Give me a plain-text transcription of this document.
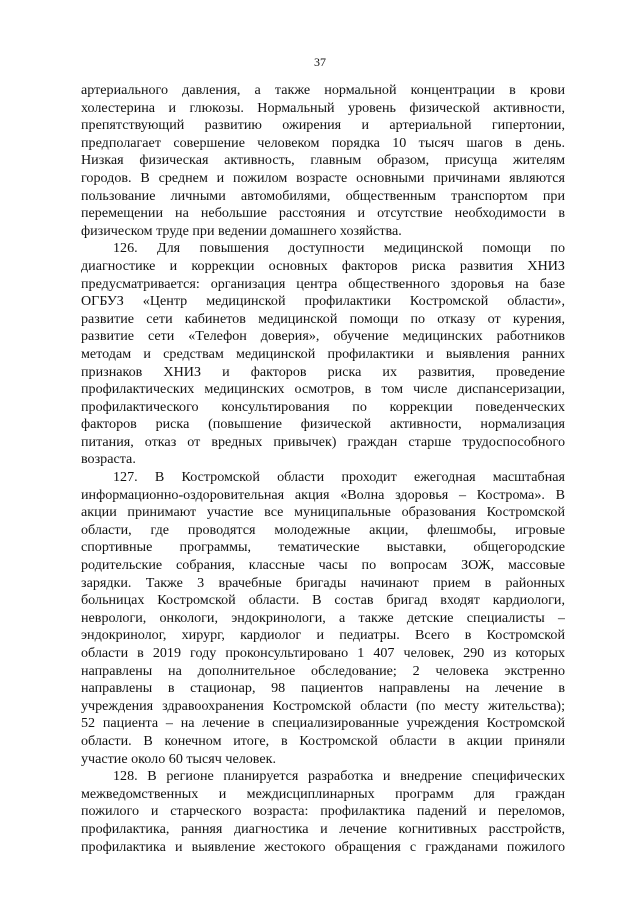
37
артериального давления, а также нормальной концентрации в крови
холестерина и глюкозы. Нормальный уровень физической активности,
препятствующий развитию ожирения и артериальной гипертонии,
предполагает совершение человеком порядка 10 тысяч шагов в день.
Низкая физическая активность, главным образом, присуща жителям
городов. В среднем и пожилом возрасте основными причинами являются
пользование личными автомобилями, общественным транспортом при
перемещении на небольшие расстояния и отсутствие необходимости в
физическом труде при ведении домашнего хозяйства.
126. Для повышения доступности медицинской помощи по
диагностике и коррекции основных факторов риска развития ХНИЗ
предусматривается: организация центра общественного здоровья на базе
ОГБУЗ «Центр медицинской профилактики Костромской области»,
развитие сети кабинетов медицинской помощи по отказу от курения,
развитие сети «Телефон доверия», обучение медицинских работников
методам и средствам медицинской профилактики и выявления ранних
признаков ХНИЗ и факторов риска их развития, проведение
профилактических медицинских осмотров, в том числе диспансеризации,
профилактического консультирования по коррекции поведенческих
факторов риска (повышение физической активности, нормализация
питания, отказ от вредных привычек) граждан старше трудоспособного
возраста.
127. В Костромской области проходит ежегодная масштабная
информационно-оздоровительная акция «Волна здоровья – Кострома». В
акции принимают участие все муниципальные образования Костромской
области, где проводятся молодежные акции, флешмобы, игровые
спортивные программы, тематические выставки, общегородские
родительские собрания, классные часы по вопросам ЗОЖ, массовые
зарядки. Также 3 врачебные бригады начинают прием в районных
больницах Костромской области. В состав бригад входят кардиологи,
неврологи, онкологи, эндокринологи, а также детские специалисты –
эндокринолог, хирург, кардиолог и педиатры. Всего в Костромской
области в 2019 году проконсультировано 1 407 человек, 290 из которых
направлены на дополнительное обследование; 2 человека экстренно
направлены в стационар, 98 пациентов направлены на лечение в
учреждения здравоохранения Костромской области (по месту жительства);
52 пациента – на лечение в специализированные учреждения Костромской
области. В конечном итоге, в Костромской области в акции приняли
участие около 60 тысяч человек.
128. В регионе планируется разработка и внедрение специфических
межведомственных и междисциплинарных программ для граждан
пожилого и старческого возраста: профилактика падений и переломов,
профилактика, ранняя диагностика и лечение когнитивных расстройств,
профилактика и выявление жестокого обращения с гражданами пожилого
